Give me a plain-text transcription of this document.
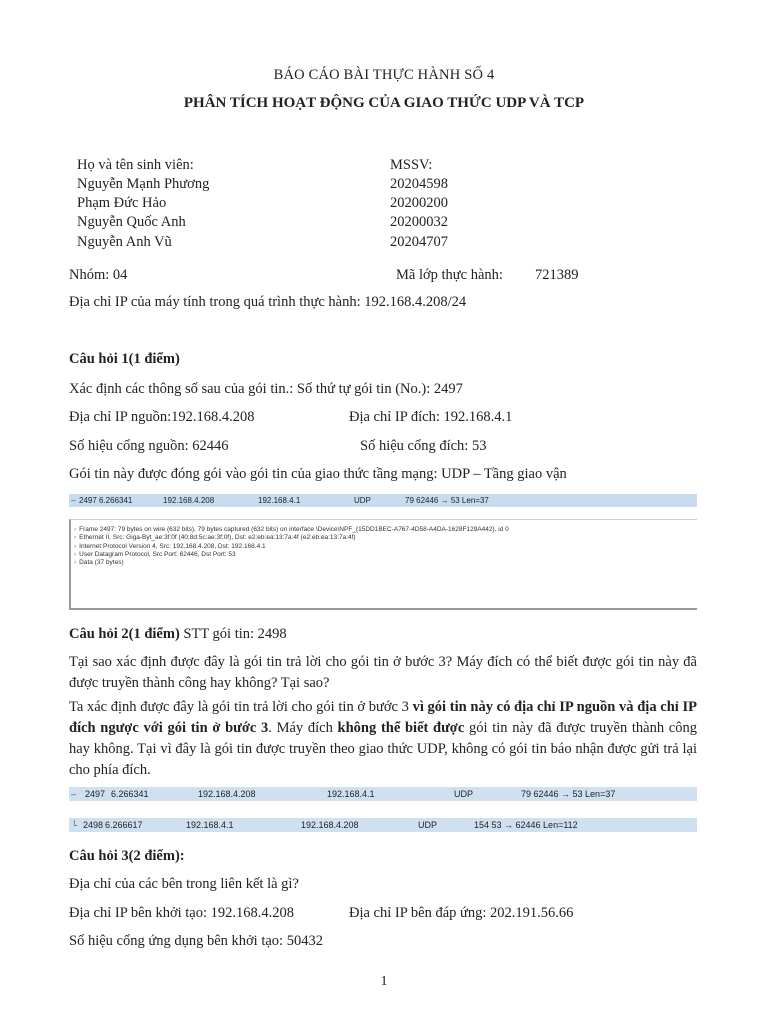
BÁO CÁO BÀI THỰC HÀNH SỐ 4
PHÂN TÍCH HOẠT ĐỘNG CỦA GIAO THỨC UDP VÀ TCP
Họ và tên sinh viên:	MSSV:
Nguyễn Mạnh Phương	20204598
Phạm Đức Hảo	20200200
Nguyễn Quốc Anh	20200032
Nguyễn Anh Vũ	20204707
Nhóm: 04	Mã lớp thực hành: 721389
Địa chỉ IP của máy tính trong quá trình thực hành: 192.168.4.208/24
Câu hỏi 1(1 điểm)
Xác định các thông số sau của gói tin.: Số thứ tự gói tin (No.): 2497
Địa chỉ IP nguồn:192.168.4.208	Địa chỉ IP đích: 192.168.4.1
Số hiệu cổng nguồn: 62446	Số hiệu cổng đích: 53
Gói tin này được đóng gói vào gói tin của giao thức tầng mạng: UDP – Tầng giao vận
– 2497 6.266341	192.168.4.208	192.168.4.1	UDP	79 62446 → 53 Len=37
› Frame 2497: 79 bytes on wire (632 bits), 79 bytes captured (632 bits) on interface \Device\NPF_{15DD1BEC-A767-4D58-A4DA-1628F129A442}, id 0
› Ethernet II, Src: Giga-Byt_ae:3f:0f (40:8d:5c:ae:3f:0f), Dst: e2:eb:ea:13:7a:4f (e2:eb:ea:13:7a:4f)
› Internet Protocol Version 4, Src: 192.168.4.208, Dst: 192.168.4.1
› User Datagram Protocol, Src Port: 62446, Dst Port: 53
› Data (37 bytes)
Câu hỏi 2(1 điểm) STT gói tin: 2498
Tại sao xác định được đây là gói tin trả lời cho gói tin ở bước 3? Máy đích có thể biết được gói tin này đã được truyền thành công hay không? Tại sao?
Ta xác định được đây là gói tin trả lời cho gói tin ở bước 3 vì gói tin này có địa chỉ IP nguồn và địa chỉ IP đích ngược với gói tin ở bước 3. Máy đích không thể biết được gói tin này đã được truyền thành công hay không. Tại vì đây là gói tin được truyền theo giao thức UDP, không có gói tin báo nhận được gửi trả lại cho phía đích.
– 2497 6.266341	192.168.4.208	192.168.4.1	UDP	79 62446 → 53 Len=37
└ 2498 6.266617	192.168.4.1	192.168.4.208	UDP	154 53 → 62446 Len=112
Câu hỏi 3(2 điểm):
Địa chỉ của các bên trong liên kết là gì?
Địa chỉ IP bên khởi tạo: 192.168.4.208	Địa chỉ IP bên đáp ứng: 202.191.56.66
Số hiệu cổng ứng dụng bên khởi tạo: 50432
1
